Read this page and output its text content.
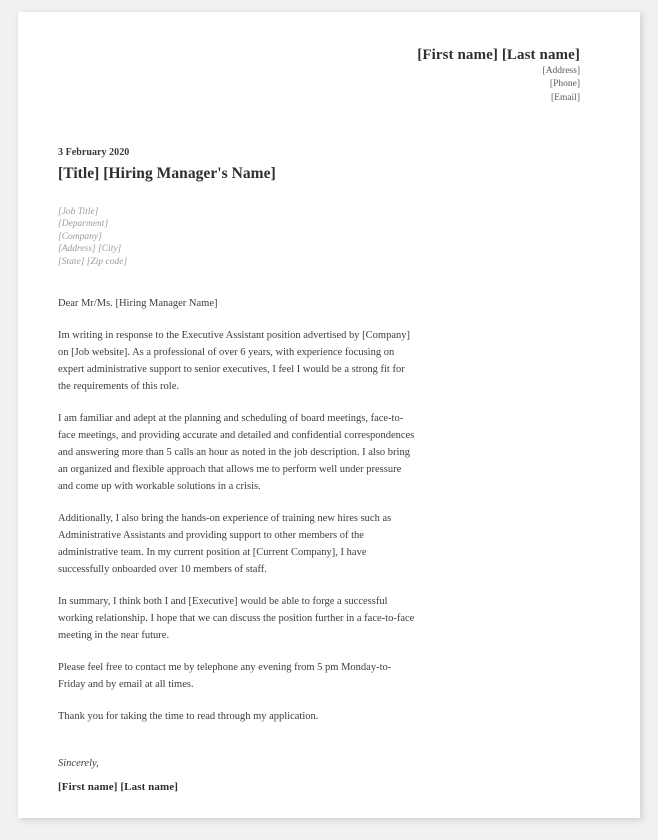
[First name] [Last name]
[Address]
[Phone]
[Email]
3 February 2020
[Title] [Hiring Manager's Name]
[Job Title]
[Deparment]
[Company]
[Address] [City]
[State] [Zip code]
Dear Mr/Ms. [Hiring Manager Name]

Im writing in response to the Executive Assistant position advertised by [Company] on [Job website]. As a professional of over 6 years, with experience focusing on expert administrative support to senior executives, I feel I would be a strong fit for the requirements of this role.

I am familiar and adept at the planning and scheduling of board meetings, face-to-face meetings, and providing accurate and detailed and confidential correspondences and answering more than 5 calls an hour as noted in the job description. I also bring an organized and flexible approach that allows me to perform well under pressure and come up with workable solutions in a crisis.

Additionally, I also bring the hands-on experience of training new hires such as Administrative Assistants and providing support to other members of the administrative team. In my current position at [Current Company], I have successfully onboarded over 10 members of staff.

In summary, I think both I and [Executive] would be able to forge a successful working relationship. I hope that we can discuss the position further in a face-to-face meeting in the near future.

Please feel free to contact me by telephone any evening from 5 pm Monday-to-Friday and by email at all times.

Thank you for taking the time to read through my application.

Sincerely,
[First name] [Last name]
